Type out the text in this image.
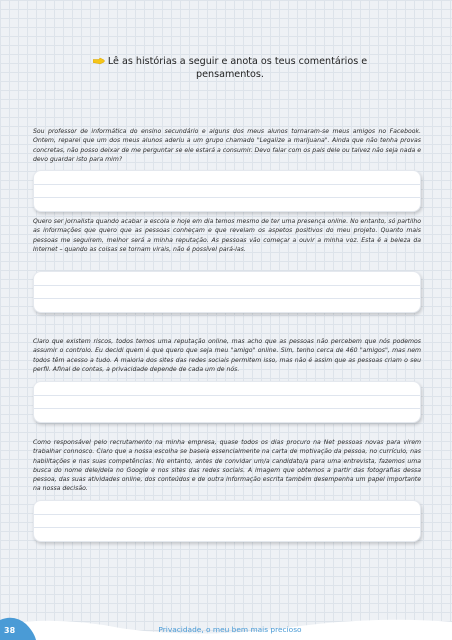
Lê as histórias a seguir e anota os teus comentários e
pensamentos.
Sou professor de informática do ensino secundário e alguns dos meus alunos tornaram-se meus amigos no Facebook. Ontem, reparei que um dos meus alunos aderiu a um grupo chamado "Legalize a marijuana". Ainda que não tenha provas concretas, não posso deixar de me perguntar se ele estará a consumir. Devo falar com os pais dele ou talvez não seja nada e devo guardar isto para mim?
Quero ser jornalista quando acabar a escola e hoje em dia temos mesmo de ter uma presença online. No entanto, só partilho as informações que quero que as pessoas conheçam e que revelam os aspetos positivos do meu projeto. Quanto mais pessoas me seguirem, melhor será a minha reputação. As pessoas vão começar a ouvir a minha voz. Esta é a beleza da Internet – quando as coisas se tornam virais, não é possível pará-las.
Claro que existem riscos, todos temos uma reputação online, mas acho que as pessoas não percebem que nós podemos assumir o controlo. Eu decidi quem é que quero que seja meu "amigo" online. Sim, tenho cerca de 460 "amigos", mas nem todos têm acesso a tudo. A maioria dos sites das redes sociais permitem isso, mas não é assim que as pessoas criam o seu perfil. Afinal de contas, a privacidade depende de cada um de nós.
Como responsável pelo recrutamento na minha empresa, quase todos os dias procuro na Net pessoas novas para virem trabalhar connosco. Claro que a nossa escolha se baseia essencialmente na carta de motivação da pessoa, no currículo, nas habilitações e nas suas competências. No entanto, antes de convidar um/a candidato/a para uma entrevista, fazemos uma busca do nome dele/dela no Google e nos sites das redes sociais. A imagem que obtemos a partir das fotografias dessa pessoa, das suas atividades online, dos conteúdos e de outra informação escrita também desempenha um papel importante na nossa decisão.
38	Privacidade, o meu bem mais precioso
